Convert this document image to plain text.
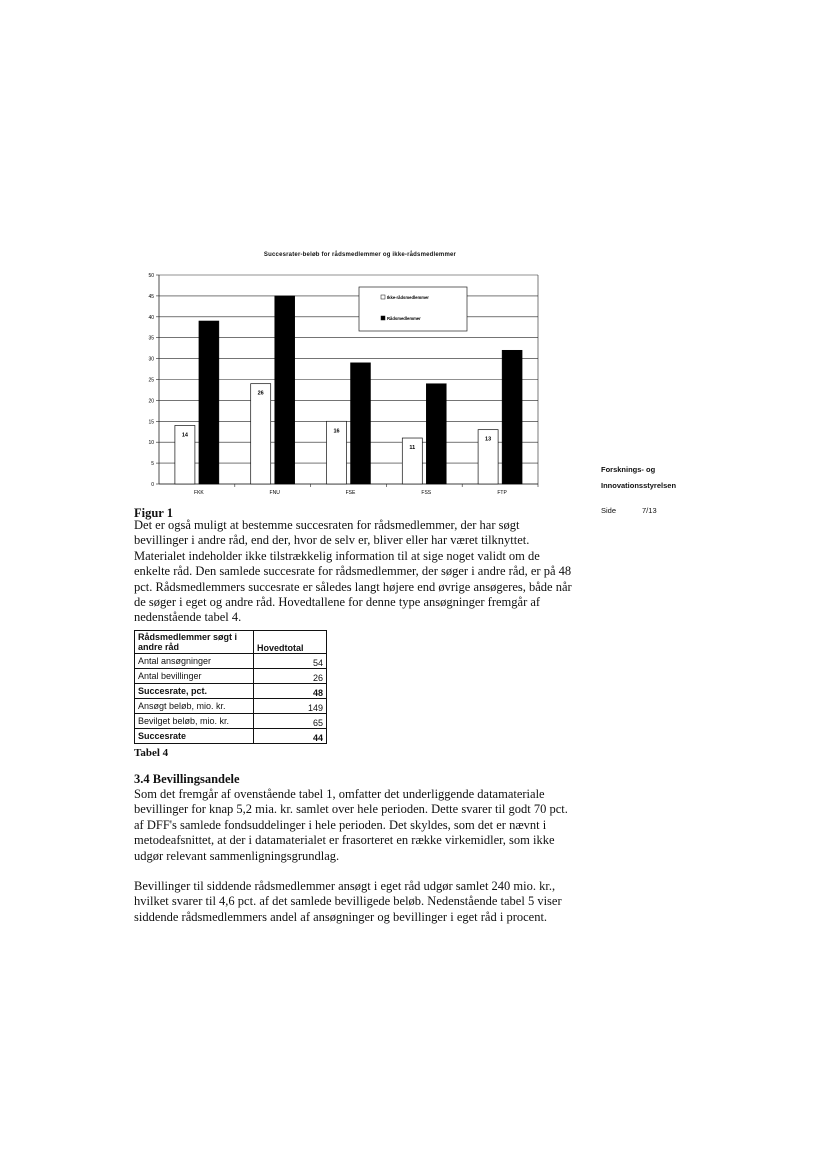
Succesrater-beløb for rådsmedlemmer og ikke-rådsmedlemmer
0
5
10
15
20
25
30
35
40
45
50
14
FKK
26
FNU
16
FSE
11
FSS
13
FTP
Ikke-rådsmedlemmer
Rådsmedlemmer
Forsknings- og
Innovationsstyrelsen
Side	7/13
Figur 1

Det er også muligt at bestemme succesraten for rådsmedlemmer, der har søgt bevillinger i andre råd, end der, hvor de selv er, bliver eller har været tilknyttet. Materialet indeholder ikke tilstrækkelig information til at sige noget validt om de enkelte råd. Den samlede succesrate for rådsmedlemmer, der søger i andre råd, er på 48 pct. Rådsmedlemmers succesrate er således langt højere end øvrige ansøgeres, både når de søger i eget og andre råd. Hovedtallene for denne type ansøgninger fremgår af nedenstående tabel 4.

Rådsmedlemmer søgt i andre råd	Hovedtotal
Antal ansøgninger	54
Antal bevillinger	26
Succesrate, pct.	48
Ansøgt beløb, mio. kr.	149
Bevilget beløb, mio. kr.	65
Succesrate	44
Tabel 4
3.4 Bevillingsandele

Som det fremgår af ovenstående tabel 1, omfatter det underliggende datamateriale bevillinger for knap 5,2 mia. kr. samlet over hele perioden. Dette svarer til godt 70 pct. af DFF's samlede fondsuddelinger i hele perioden. Det skyldes, som det er nævnt i metodeafsnittet, at der i datamaterialet er frasorteret en række virkemidler, som ikke udgør relevant sammenligningsgrundlag.

Bevillinger til siddende rådsmedlemmer ansøgt i eget råd udgør samlet 240 mio. kr., hvilket svarer til 4,6 pct. af det samlede bevilligede beløb. Nedenstående tabel 5 viser siddende rådsmedlemmers andel af ansøgninger og bevillinger i eget råd i procent.
